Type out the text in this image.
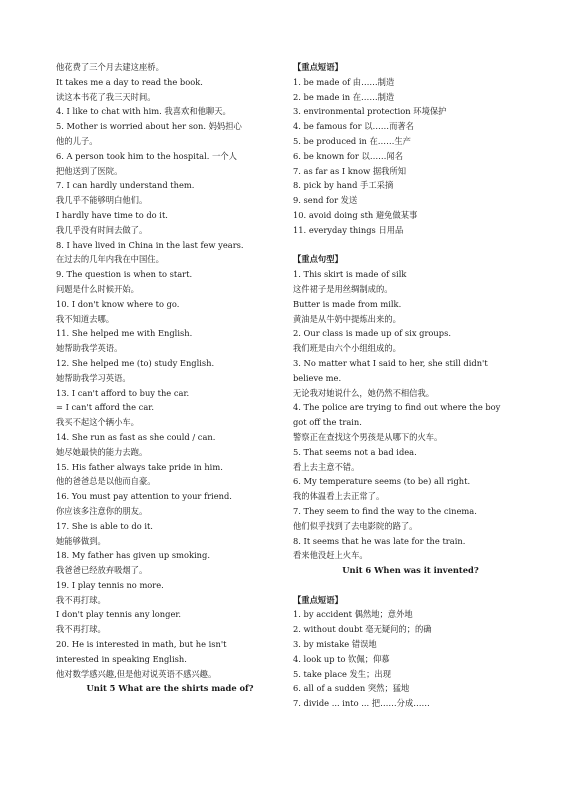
他花费了三个月去建这座桥。
It takes me a day to read the book.
读这本书花了我三天时间。
4. I like to chat with him. 我喜欢和他聊天。
5. Mother is worried about her son. 妈妈担心
他的儿子。
6. A person took him to the hospital. 一个人
把他送到了医院。
7. I can hardly understand them.
我几乎不能够明白他们。
I hardly have time to do it.
我几乎没有时间去做了。
8. I have lived in China in the last few years.
在过去的几年内我在中国住。
9. The question is when to start.
问题是什么时候开始。
10. I don't know where to go.
我不知道去哪。
11. She helped me with English.
她帮助我学英语。
12. She helped me (to) study English.
她帮助我学习英语。
13. I can't afford to buy the car.
= I can't afford the car.
我买不起这个辆小车。
14. She run as fast as she could / can.
她尽她最快的能力去跑。
15. His father always take pride in him.
他的爸爸总是以他而自豪。
16. You must pay attention to your friend.
你应该多注意你的朋友。
17. She is able to do it.
她能够做到。
18. My father has given up smoking.
我爸爸已经放弃吸烟了。
19. I play tennis no more.
我不再打球。
I don't play tennis any longer.
我不再打球。
20. He is interested in math, but he isn't
interested in speaking English.
他对数学感兴趣,但是他对说英语不感兴趣。
Unit 5 What are the shirts made of?
【重点短语】
1. be made of 由……制造
2. be made in 在……制造
3. environmental protection 环境保护
4. be famous for 以……而著名
5. be produced in 在……生产
6. be known for 以……闻名
7. as far as I know 据我所知
8. pick by hand 手工采摘
9. send for 发送
10. avoid doing sth 避免做某事
11. everyday things 日用品
【重点句型】
1. This skirt is made of silk
这件裙子是用丝绸制成的。
Butter is made from milk.
黄油是从牛奶中提炼出来的。
2. Our class is made up of six groups.
我们班是由六个小组组成的。
3. No matter what I said to her, she still didn't
believe me.
无论我对她说什么，她仍然不相信我。
4. The police are trying to find out where the boy
got off the train.
警察正在查找这个男孩是从哪下的火车。
5. That seems not a bad idea.
看上去主意不错。
6. My temperature seems (to be) all right.
我的体温看上去正常了。
7. They seem to find the way to the cinema.
他们似乎找到了去电影院的路了。
8. It seems that he was late for the train.
看来他没赶上火车。
Unit 6 When was it invented?
【重点短语】
1. by accident 偶然地；意外地
2. without doubt 毫无疑问的；的确
3. by mistake 错误地
4. look up to 钦佩；仰慕
5. take place 发生；出现
6. all of a sudden 突然；猛地
7. divide ... into ... 把……分成……
